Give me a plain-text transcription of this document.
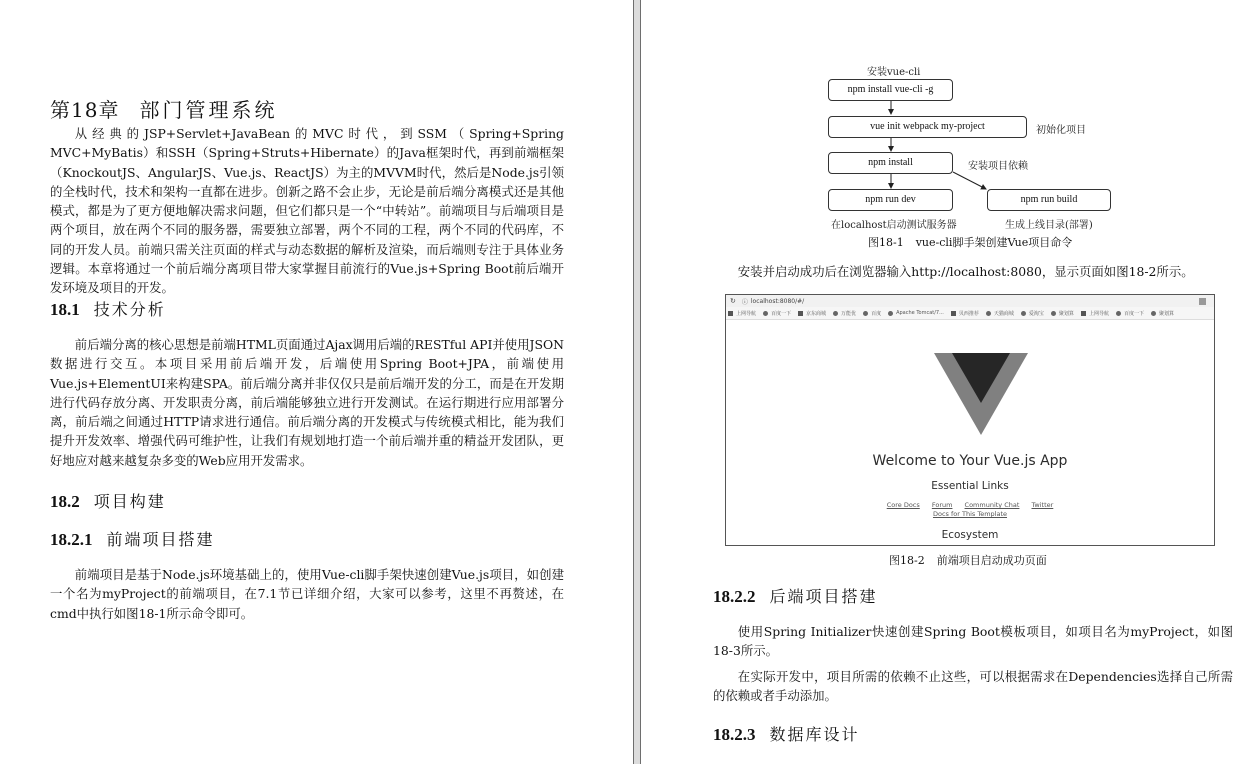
第18章 部门管理系统

从经典的JSP+Servlet+JavaBean的MVC时代，到SSM（Spring+Spring MVC+MyBatis）和SSH（Spring+Struts+Hibernate）的Java框架时代，再到前端框架（KnockoutJS、AngularJS、Vue.js、ReactJS）为主的MVVM时代，然后是Node.js引领的全栈时代，技术和架构一直都在进步。创新之路不会止步，无论是前后端分离模式还是其他模式，都是为了更方便地解决需求问题，但它们都只是一个“中转站”。前端项目与后端项目是两个项目，放在两个不同的服务器，需要独立部署，两个不同的工程，两个不同的代码库，不同的开发人员。前端只需关注页面的样式与动态数据的解析及渲染，而后端则专注于具体业务逻辑。本章将通过一个前后端分离项目带大家掌握目前流行的Vue.js+Spring Boot前后端开发环境及项目的开发。

18.1 技术分析

前后端分离的核心思想是前端HTML页面通过Ajax调用后端的RESTful API并使用JSON数据进行交互。本项目采用前后端开发，后端使用Spring Boot+JPA，前端使用Vue.js+ElementUI来构建SPA。前后端分离并非仅仅只是前后端开发的分工，而是在开发期进行代码存放分离、开发职责分离，前后端能够独立进行开发测试。在运行期进行应用部署分离，前后端之间通过HTTP请求进行通信。前后端分离的开发模式与传统模式相比，能为我们提升开发效率、增强代码可维护性，让我们有规划地打造一个前后端并重的精益开发团队，更好地应对越来越复杂多变的Web应用开发需求。

18.2 项目构建
18.2.1 前端项目搭建

前端项目是基于Node.js环境基础上的，使用Vue-cli脚手架快速创建Vue.js项目，如创建一个名为myProject的前端项目，在7.1节已详细介绍，大家可以参考，这里不再赘述，在cmd中执行如图18-1所示命令即可。

安装vue-cli
npm install vue-cli -g
vue init webpack my-project	初始化项目
npm install	安装项目依赖
npm run dev
在localhost启动测试服务器
npm run build
生成上线目录(部署)
图18-1 vue-cli脚手架创建Vue项目命令

安装并启动成功后在浏览器输入http://localhost:8080，显示页面如图18-2所示。

↻ ⓘ localhost:8080/#/
上网导航	百度一下	京东商城	万能优	百度	Apache Tomcat/7...	贝西推荐	天猫商城	爱淘宝	聚划算	上网导航	百度一下	聚划算
Welcome to Your Vue.js App
Essential Links
Core Docs Forum Community Chat Twitter
Docs for This Template
Ecosystem
图18-2 前端项目启动成功页面
18.2.2 后端项目搭建

使用Spring Initializer快速创建Spring Boot模板项目，如项目名为myProject，如图18-3所示。

在实际开发中，项目所需的依赖不止这些，可以根据需求在Dependencies选择自己所需的依赖或者手动添加。

18.2.3 数据库设计
